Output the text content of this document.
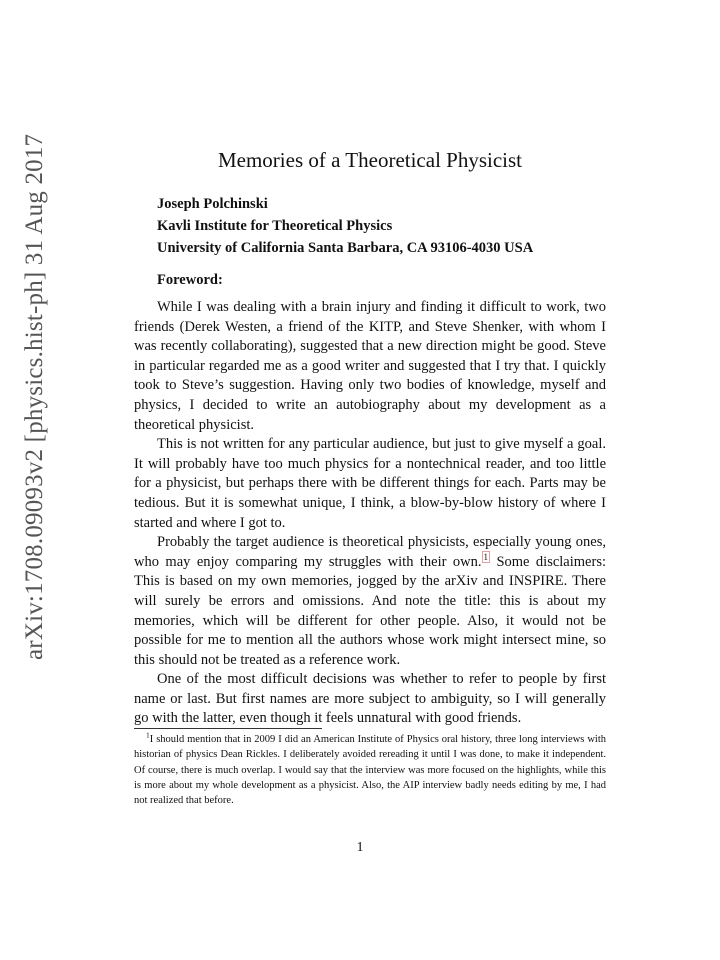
arXiv:1708.09093v2 [physics.hist-ph] 31 Aug 2017	Memories of a Theoretical Physicist
Joseph Polchinski
Kavli Institute for Theoretical Physics
University of California Santa Barbara, CA 93106-4030 USA
Foreword:

While I was dealing with a brain injury and finding it difficult to work, two friends (Derek Westen, a friend of the KITP, and Steve Shenker, with whom I was recently collaborating), suggested that a new direction might be good. Steve in particular regarded me as a good writer and suggested that I try that. I quickly took to Steve’s suggestion. Having only two bodies of knowledge, myself and physics, I decided to write an autobiography about my development as a theoretical physicist.

This is not written for any particular audience, but just to give myself a goal. It will probably have too much physics for a nontechnical reader, and too little for a physicist, but perhaps there with be different things for each. Parts may be tedious. But it is somewhat unique, I think, a blow-by-blow history of where I started and where I got to.

Probably the target audience is theoretical physicists, especially young ones, who may enjoy comparing my struggles with their own. $^1$ Some disclaimers: This is based on my own memories, jogged by the arXiv and INSPIRE. There will surely be errors and omissions. And note the title: this is about my memories, which will be different for other people. Also, it would not be possible for me to mention all the authors whose work might intersect mine, so this should not be treated as a reference work.

One of the most difficult decisions was whether to refer to people by first name or last. But first names are more subject to ambiguity, so I will generally go with the latter, even though it feels unnatural with good friends.

$^1$I should mention that in 2009 I did an American Institute of Physics oral history, three long interviews with historian of physics Dean Rickles. I deliberately avoided rereading it until I was done, to make it independent. Of course, there is much overlap. I would say that the interview was more focused on the highlights, while this is more about my whole development as a physicist. Also, the AIP interview badly needs editing by me, I had not realized that before.

1
